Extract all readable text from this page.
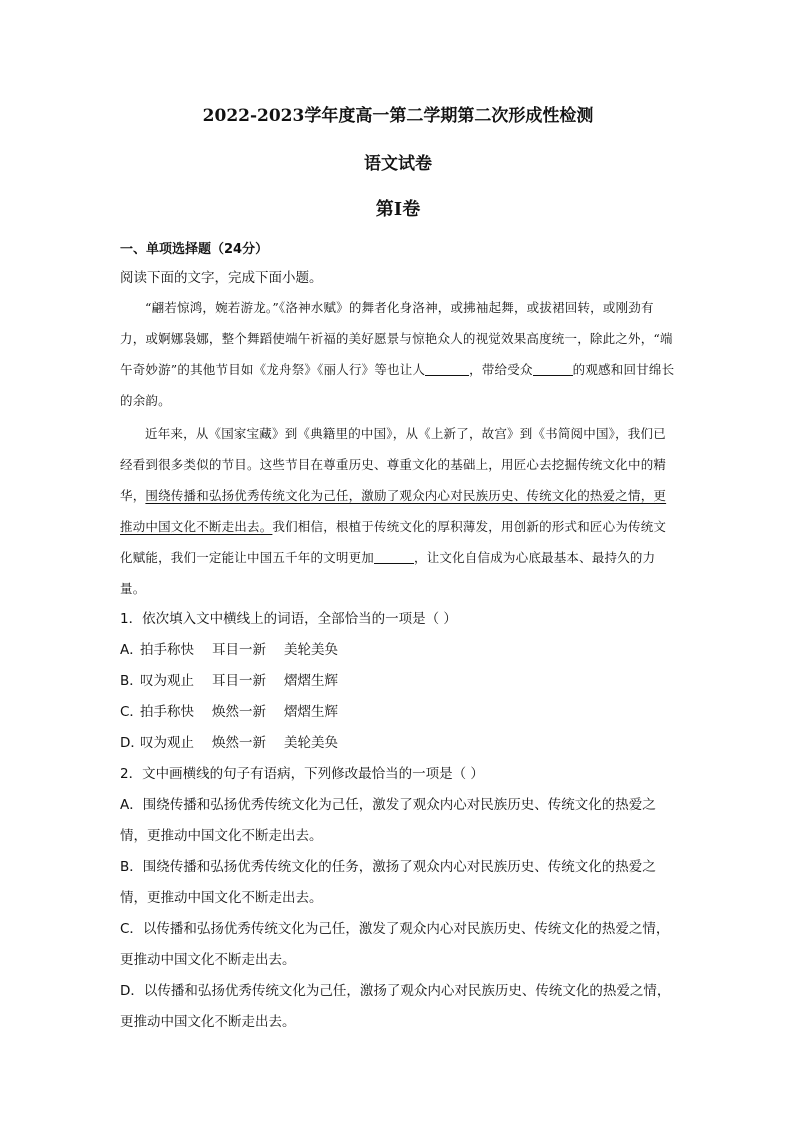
2022-2023学年度高一第二学期第二次形成性检测

语文试卷

第I卷

一、单项选择题（24分）
阅读下面的文字，完成下面小题。

“翩若惊鸿，婉若游龙。”《洛神水赋》的舞者化身洛神，或拂袖起舞，或拔裙回转，或刚劲有力，或婀娜袅娜，整个舞蹈使端午祈福的美好愿景与惊艳众人的视觉效果高度统一，除此之外，“端午奇妙游”的其他节目如《龙舟祭》《丽人行》等也让人	，带给受众	的观感和回甘绵长的余韵。

近年来，从《国家宝藏》到《典籍里的中国》，从《上新了，故宫》到《书简阅中国》，我们已经看到很多类似的节目。这些节目在尊重历史、尊重文化的基础上，用匠心去挖掘传统文化中的精华，围绕传播和弘扬优秀传统文化为己任，激励了观众内心对民族历史、传统文化的热爱之情，更推动中国文化不断走出去。我们相信，根植于传统文化的厚积薄发，用创新的形式和匠心为传统文化赋能，我们一定能让中国五千年的文明更加	，让文化自信成为心底最基本、最持久的力量。

1．依次填入文中横线上的词语，全部恰当的一项是（ ）

A．拍手称快 耳目一新 美轮美奂

B．叹为观止 耳目一新 熠熠生辉

C．拍手称快 焕然一新 熠熠生辉

D．叹为观止 焕然一新 美轮美奂

2．文中画横线的句子有语病，下列修改最恰当的一项是（ ）

A．围绕传播和弘扬优秀传统文化为己任，激发了观众内心对民族历史、传统文化的热爱之情，更推动中国文化不断走出去。

B．围绕传播和弘扬优秀传统文化的任务，激扬了观众内心对民族历史、传统文化的热爱之情，更推动中国文化不断走出去。

C．以传播和弘扬优秀传统文化为己任，激发了观众内心对民族历史、传统文化的热爱之情，更推动中国文化不断走出去。

D．以传播和弘扬优秀传统文化为己任，激扬了观众内心对民族历史、传统文化的热爱之情，更推动中国文化不断走出去。
